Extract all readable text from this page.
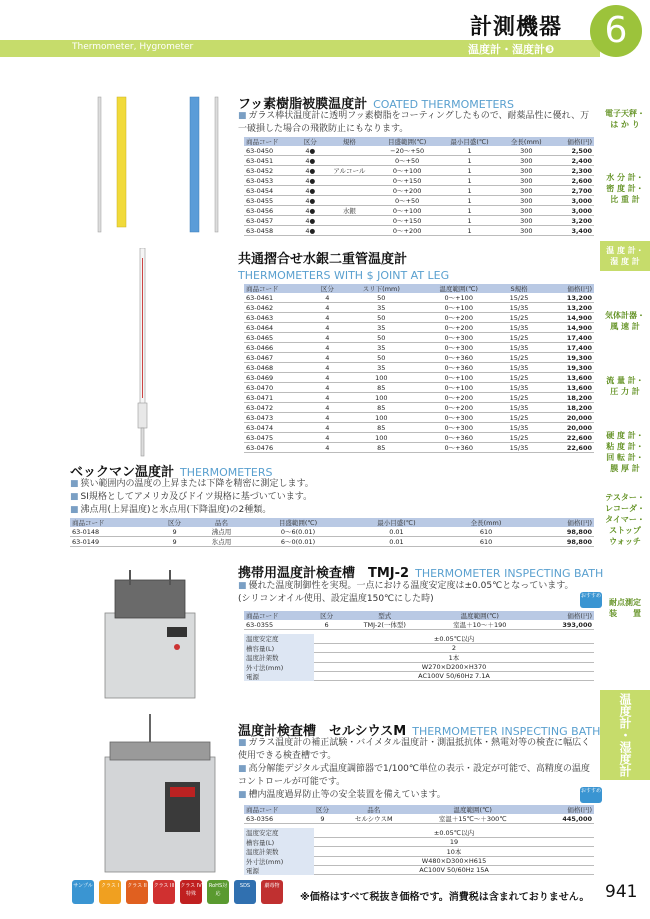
計測機器
Thermometer, Hygrometer	温度計・湿度計❸	6
電子天秤・
は か り
水 分 計・
密 度 計・
比 重 計
温 度 計・
湿 度 計
気体計器・
風 速 計
流 量 計・
圧 力 計
硬 度 計・
粘 度 計・
回 転 計・
膜 厚 計
テスター・
レコーダ・
タイマー・
ストップ
ウォッチ
耐点測定
装　　置
温度計・湿度計
フッ素樹脂被膜温度計 COATED THERMOMETERS
■ ガラス棒状温度計に透明フッ素樹脂をコーティングしたもので、耐薬品性に優れ、万一破損した場合の飛散防止にもなります。
商品コード	区分	規格	目盛範囲(℃)	最小目盛(℃)	全長(mm)	価格(円)
63-0450	4●		−20〜+50	1	300	2,500
63-0451	4●		0〜+50	1	300	2,400
63-0452	4●	アルコール	0〜+100	1	300	2,300
63-0453	4●		0〜+150	1	300	2,600
63-0454	4●		0〜+200	1	300	2,700
63-0455	4●		0〜+50	1	300	3,000
63-0456	4●	水銀	0〜+100	1	300	3,000
63-0457	4●		0〜+150	1	300	3,200
63-0458	4●		0〜+200	1	300	3,400
共通摺合せ水銀二重管温度計
THERMOMETERS WITH $ JOINT AT LEG
商品コード	区分	スリ下(mm)	温度範囲(℃)	S規格	価格(円)
63-0461	4	50	0〜+100	15/25	13,200
63-0462	4	35	0〜+100	15/35	13,200
63-0463	4	50	0〜+200	15/25	14,900
63-0464	4	35	0〜+200	15/35	14,900
63-0465	4	50	0〜+300	15/25	17,400
63-0466	4	35	0〜+300	15/35	17,400
63-0467	4	50	0〜+360	15/25	19,300
63-0468	4	35	0〜+360	15/35	19,300
63-0469	4	100	0〜+100	15/25	13,600
63-0470	4	85	0〜+100	15/35	13,600
63-0471	4	100	0〜+200	15/25	18,200
63-0472	4	85	0〜+200	15/35	18,200
63-0473	4	100	0〜+300	15/25	20,000
63-0474	4	85	0〜+300	15/35	20,000
63-0475	4	100	0〜+360	15/25	22,600
63-0476	4	85	0〜+360	15/35	22,600
ベックマン温度計 THERMOMETERS
■ 狭い範囲内の温度の上昇または下降を精密に測定します。
■ SI規格としてアメリカ及びドイツ規格に基づいています。
■ 沸点用(上昇温度)と氷点用(下降温度)の2種類。
商品コード	区分	品名	目盛範囲(℃)	最小目盛(℃)	全長(mm)	価格(円)
63-0148	9	沸点用	0〜6(0.01)	0.01	610	98,800
63-0149	9	氷点用	6〜0(0.01)	0.01	610	98,800
携帯用温度計検査槽　TMJ-2 THERMOMETER INSPECTING BATH
■ 優れた温度制御性を実現。一点における温度安定度は±0.05℃となっています。(シリコンオイル使用、設定温度150℃にした時)	おすすめ
商品コード	区分	型式	温度範囲(℃)	価格(円)
63-0355	6	TMJ-2(一体型)	室温＋10〜＋190	393,000
温度安定度	±0.05℃以内
槽容量(L)	2
温度計架数	1本
外寸法(mm)	W270×D200×H370
電源	AC100V 50/60Hz 7.1A
温度計検査槽　セルシウスM THERMOMETER INSPECTING BATH
■ ガラス温度計の補正試験・バイメタル温度計・測温抵抗体・熱電対等の検査に幅広く使用できる検査槽です。
■ 高分解能デジタル式温度調節器で1/100℃単位の表示・設定が可能で、高精度の温度コントロールが可能です。
■ 槽内温度過昇防止等の安全装置を備えています。	おすすめ
商品コード	区分	品名	温度範囲(℃)	価格(円)
63-0356	9	セルシウスM	室温＋15℃〜＋300℃	445,000
温度安定度	±0.05℃以内
槽容量(L)	19
温度計架数	10本
外寸法(mm)	W480×D300×H615
電源	AC100V 50/60Hz 15A
サンプル	クラス I	クラス II クラス III クラス IV特殊
RoHS対応
SDS	劇毒物
※価格はすべて税抜き価格です。消費税は含まれておりません。 941
